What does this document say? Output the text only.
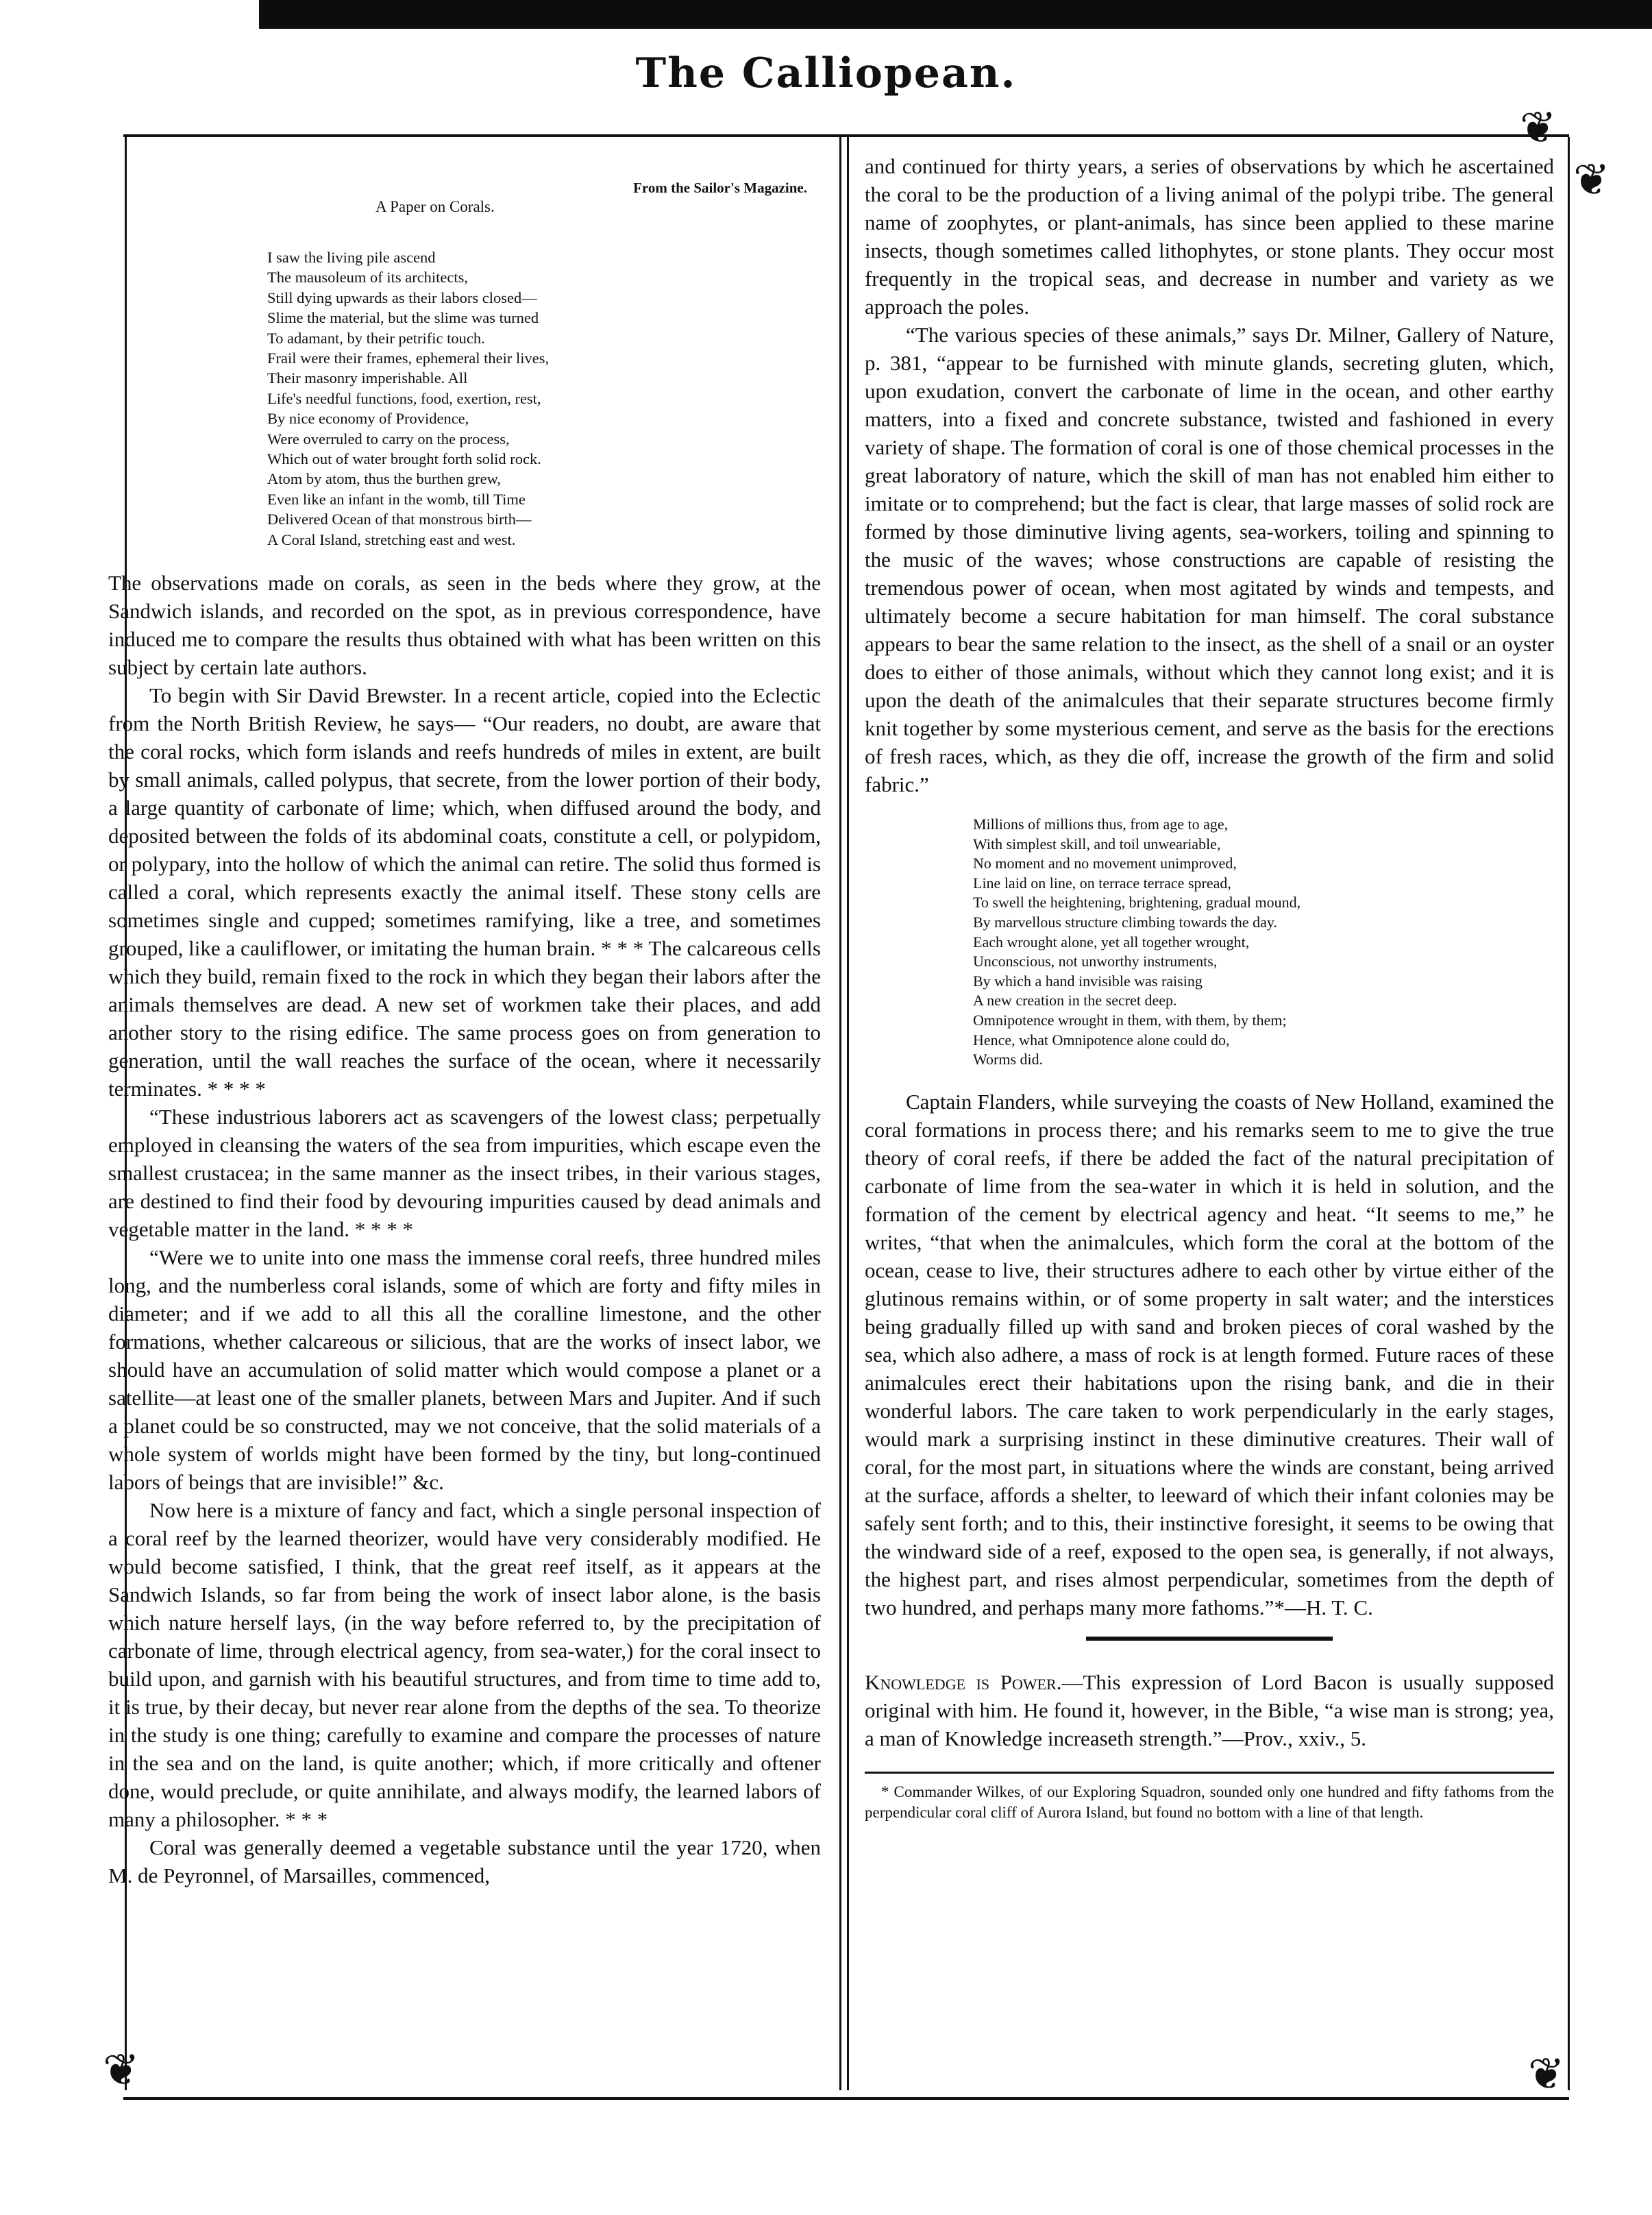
The Calliopean.
❦
❦
❦	❦
From the Sailor's Magazine.
A Paper on Corals.
I saw the living pile ascend
The mausoleum of its architects,
Still dying upwards as their labors closed—
Slime the material, but the slime was turned
To adamant, by their petrific touch.
Frail were their frames, ephemeral their lives,
Their masonry imperishable. All
Life's needful functions, food, exertion, rest,
By nice economy of Providence,
Were overruled to carry on the process,
Which out of water brought forth solid rock.
Atom by atom, thus the burthen grew,
Even like an infant in the womb, till Time
Delivered Ocean of that monstrous birth—
A Coral Island, stretching east and west.

The observations made on corals, as seen in the beds where they grow, at the Sandwich islands, and recorded on the spot, as in previous correspondence, have induced me to compare the results thus obtained with what has been written on this subject by certain late authors.

To begin with Sir David Brewster. In a recent article, copied into the Eclectic from the North British Review, he says— “Our readers, no doubt, are aware that the coral rocks, which form islands and reefs hundreds of miles in extent, are built by small animals, called polypus, that secrete, from the lower portion of their body, a large quantity of carbonate of lime; which, when diffused around the body, and deposited between the folds of its abdominal coats, constitute a cell, or polypidom, or polypary, into the hollow of which the animal can retire. The solid thus formed is called a coral, which represents exactly the animal itself. These stony cells are sometimes single and cupped; sometimes ramifying, like a tree, and sometimes grouped, like a cauliflower, or imitating the human brain. * * * The calcareous cells which they build, remain fixed to the rock in which they began their labors after the animals themselves are dead. A new set of workmen take their places, and add another story to the rising edifice. The same process goes on from generation to generation, until the wall reaches the surface of the ocean, where it necessarily terminates. * * * *

“These industrious laborers act as scavengers of the lowest class; perpetually employed in cleansing the waters of the sea from impurities, which escape even the smallest crustacea; in the same manner as the insect tribes, in their various stages, are destined to find their food by devouring impurities caused by dead animals and vegetable matter in the land. * * * *

“Were we to unite into one mass the immense coral reefs, three hundred miles long, and the numberless coral islands, some of which are forty and fifty miles in diameter; and if we add to all this all the coralline limestone, and the other formations, whether calcareous or silicious, that are the works of insect labor, we should have an accumulation of solid matter which would compose a planet or a satellite—at least one of the smaller planets, between Mars and Jupiter. And if such a planet could be so constructed, may we not conceive, that the solid materials of a whole system of worlds might have been formed by the tiny, but long-continued labors of beings that are invisible!” &c.

Now here is a mixture of fancy and fact, which a single personal inspection of a coral reef by the learned theorizer, would have very considerably modified. He would become satisfied, I think, that the great reef itself, as it appears at the Sandwich Islands, so far from being the work of insect labor alone, is the basis which nature herself lays, (in the way before referred to, by the precipitation of carbonate of lime, through electrical agency, from sea-water,) for the coral insect to build upon, and garnish with his beautiful structures, and from time to time add to, it is true, by their decay, but never rear alone from the depths of the sea. To theorize in the study is one thing; carefully to examine and compare the processes of nature in the sea and on the land, is quite another; which, if more critically and oftener done, would preclude, or quite annihilate, and always modify, the learned labors of many a philosopher. * * *

Coral was generally deemed a vegetable substance until the year 1720, when M. de Peyronnel, of Marsailles, commenced,

and continued for thirty years, a series of observations by which he ascertained the coral to be the production of a living animal of the polypi tribe. The general name of zoophytes, or plant-animals, has since been applied to these marine insects, though sometimes called lithophytes, or stone plants. They occur most frequently in the tropical seas, and decrease in number and variety as we approach the poles.

“The various species of these animals,” says Dr. Milner, Gallery of Nature, p. 381, “appear to be furnished with minute glands, secreting gluten, which, upon exudation, convert the carbonate of lime in the ocean, and other earthy matters, into a fixed and concrete substance, twisted and fashioned in every variety of shape. The formation of coral is one of those chemical processes in the great laboratory of nature, which the skill of man has not enabled him either to imitate or to comprehend; but the fact is clear, that large masses of solid rock are formed by those diminutive living agents, sea-workers, toiling and spinning to the music of the waves; whose constructions are capable of resisting the tremendous power of ocean, when most agitated by winds and tempests, and ultimately become a secure habitation for man himself. The coral substance appears to bear the same relation to the insect, as the shell of a snail or an oyster does to either of those animals, without which they cannot long exist; and it is upon the death of the animalcules that their separate structures become firmly knit together by some mysterious cement, and serve as the basis for the erections of fresh races, which, as they die off, increase the growth of the firm and solid fabric.”

Millions of millions thus, from age to age,
With simplest skill, and toil unweariable,
No moment and no movement unimproved,
Line laid on line, on terrace terrace spread,
To swell the heightening, brightening, gradual mound,
By marvellous structure climbing towards the day.
Each wrought alone, yet all together wrought,
Unconscious, not unworthy instruments,
By which a hand invisible was raising
A new creation in the secret deep.
Omnipotence wrought in them, with them, by them;
Hence, what Omnipotence alone could do,
Worms did.

Captain Flanders, while surveying the coasts of New Holland, examined the coral formations in process there; and his remarks seem to me to give the true theory of coral reefs, if there be added the fact of the natural precipitation of carbonate of lime from the sea-water in which it is held in solution, and the formation of the cement by electrical agency and heat. “It seems to me,” he writes, “that when the animalcules, which form the coral at the bottom of the ocean, cease to live, their structures adhere to each other by virtue either of the glutinous remains within, or of some property in salt water; and the interstices being gradually filled up with sand and broken pieces of coral washed by the sea, which also adhere, a mass of rock is at length formed. Future races of these animalcules erect their habitations upon the rising bank, and die in their wonderful labors. The care taken to work perpendicularly in the early stages, would mark a surprising instinct in these diminutive creatures. Their wall of coral, for the most part, in situations where the winds are constant, being arrived at the surface, affords a shelter, to leeward of which their infant colonies may be safely sent forth; and to this, their instinctive foresight, it seems to be owing that the windward side of a reef, exposed to the open sea, is generally, if not always, the highest part, and rises almost perpendicular, sometimes from the depth of two hundred, and perhaps many more fathoms.”*—H. T. C.

Knowledge is Power.—This expression of Lord Bacon is usually supposed original with him. He found it, however, in the Bible, “a wise man is strong; yea, a man of Knowledge increaseth strength.”—Prov., xxiv., 5.

* Commander Wilkes, of our Exploring Squadron, sounded only one hundred and fifty fathoms from the perpendicular coral cliff of Aurora Island, but found no bottom with a line of that length.
